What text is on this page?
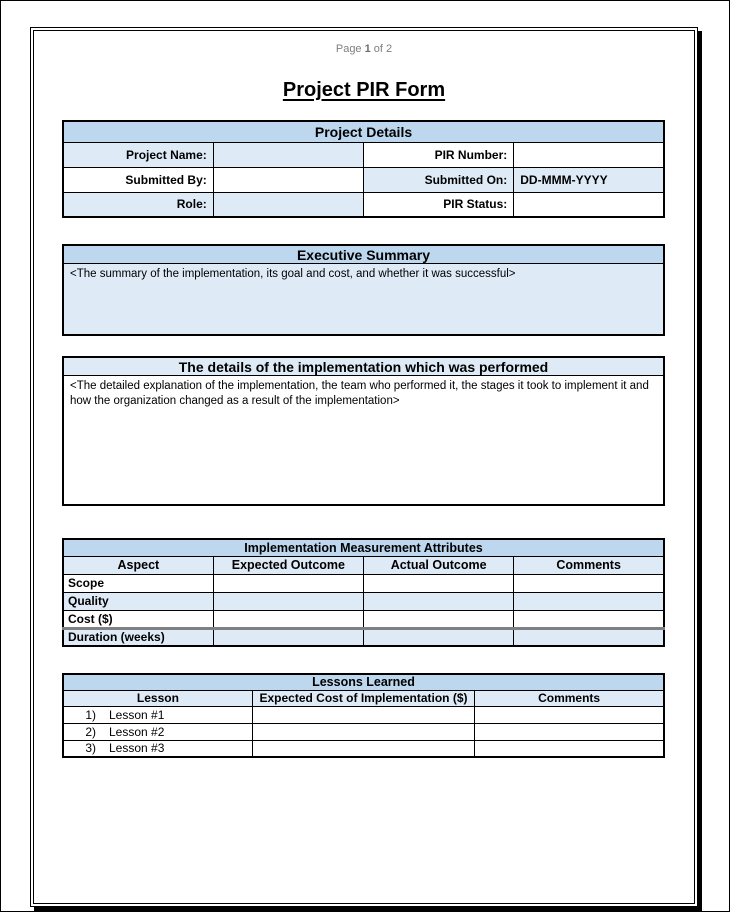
Page 1 of 2
Project PIR Form
Project Details			
Project Name:		PIR Number:	
Submitted By:		Submitted On:	DD-MMM-YYYY
Role:		PIR Status:	
Executive Summary
<The summary of the implementation, its goal and cost, and whether it was successful>
The details of the implementation which was performed
<The detailed explanation of the implementation, the team who performed it, the stages it took to implement it and how the organization changed as a result of the implementation>
Implementation Measurement Attributes			
Aspect	Expected Outcome	Actual Outcome	Comments
Scope			
Quality			
Cost ($)			
Duration (weeks)			
Lessons Learned		
Lesson	Expected Cost of Implementation ($)	Comments
1) Lesson #1		
2) Lesson #2		
3) Lesson #3		
